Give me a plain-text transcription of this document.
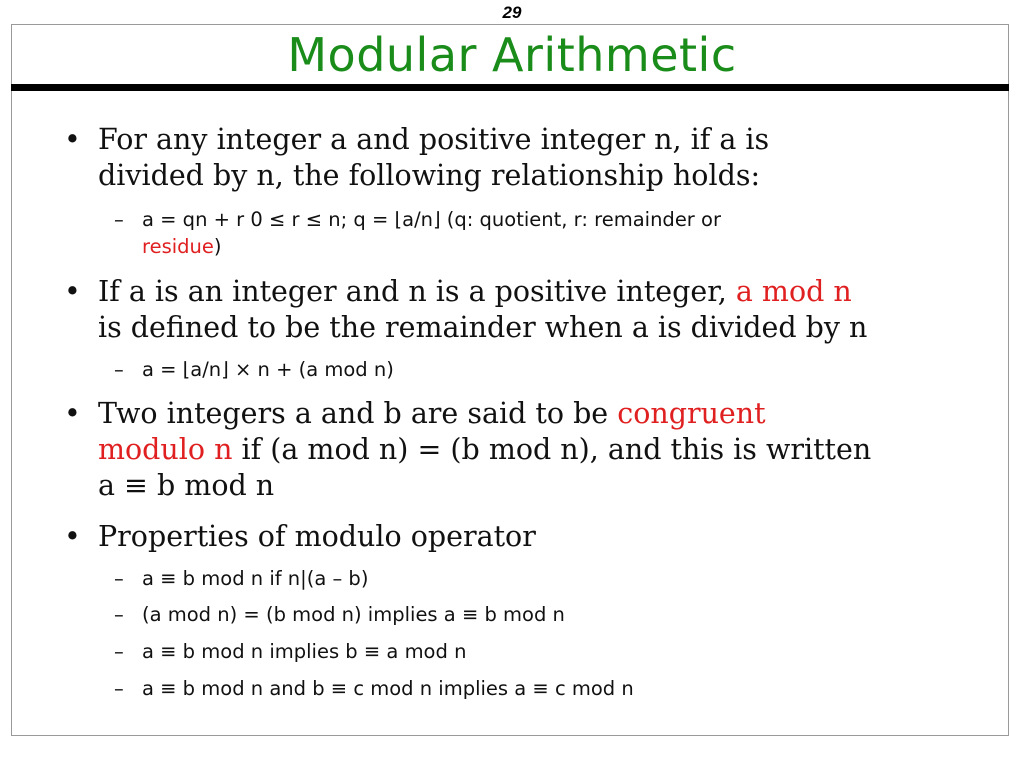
29
Modular Arithmetic
• For any integer a and positive integer n, if a is
divided by n, the following relationship holds:
– a = qn + r 0 ≤ r ≤ n; q = ⌊a/n⌋ (q: quotient, r: remainder or
residue)
• If a is an integer and n is a positive integer, a mod n
is defined to be the remainder when a is divided by n
– a = ⌊a/n⌋ × n + (a mod n)
• Two integers a and b are said to be congruent
modulo n if (a mod n) = (b mod n), and this is written
a ≡ b mod n
• Properties of modulo operator
– a ≡ b mod n if n|(a – b)
– (a mod n) = (b mod n) implies a ≡ b mod n
– a ≡ b mod n implies b ≡ a mod n
– a ≡ b mod n and b ≡ c mod n implies a ≡ c mod n
